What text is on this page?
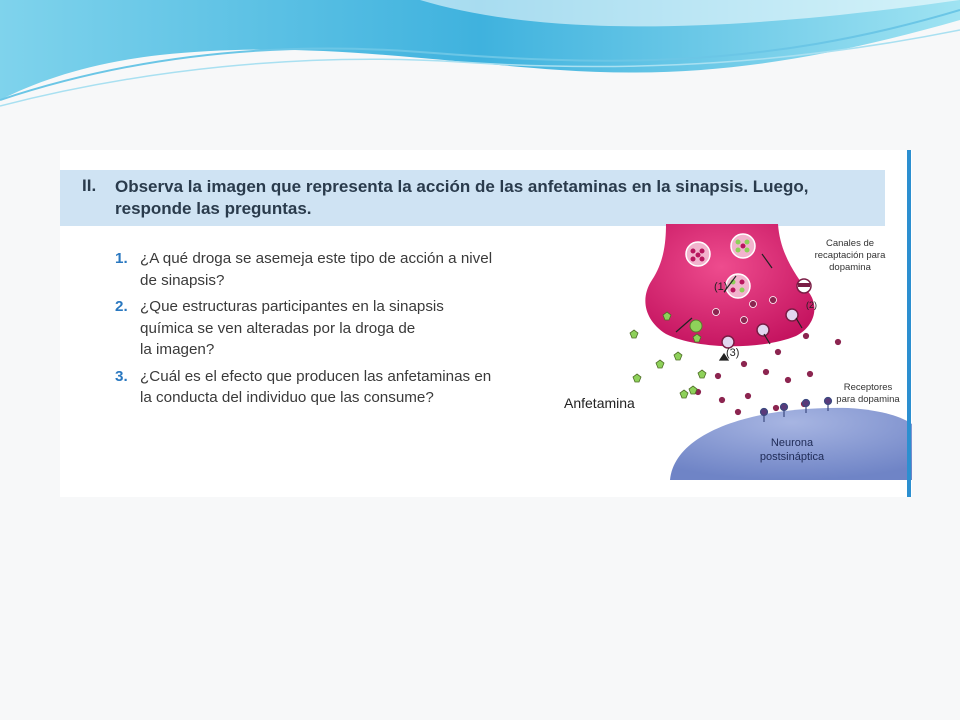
II. Observa la imagen que representa la acción de las anfetaminas en la sinapsis. Luego,
responde las preguntas.
1. ¿A qué droga se asemeja este tipo de acción a nivel
de sinapsis?
2. ¿Que estructuras participantes en la sinapsis
química se ven alteradas por la droga de
la imagen?
3. ¿Cuál es el efecto que producen las anfetaminas en
la conducta del individuo que las consume?
(1)
(2)
(3)
Canales de
recaptación para
dopamina
Receptores
para dopamina
Anfetamina
Neurona
postsináptica
